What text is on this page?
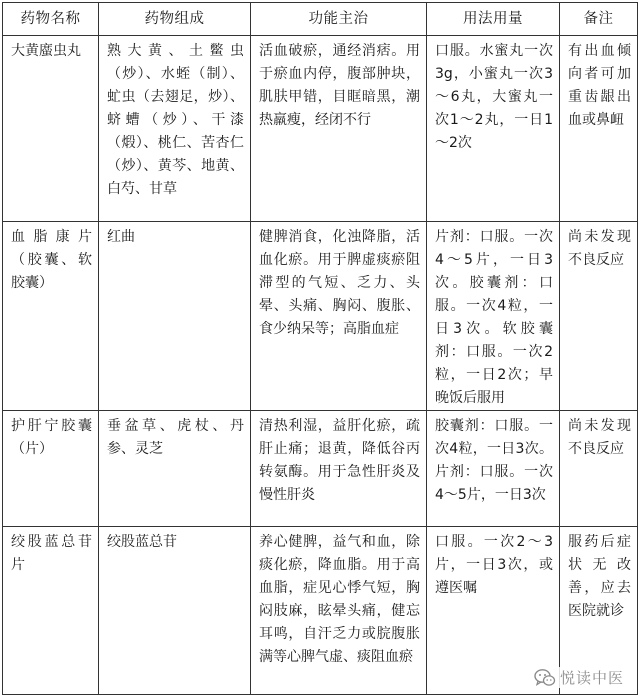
药物名称	药物组成	功能主治	用法用量	备注
大黄䗪虫丸	熟大黄、土鳖虫（炒）、水蛭（制）、虻虫（去翅足，炒）、蛴螬（炒）、干漆（煅）、桃仁、苦杏仁（炒）、黄芩、地黄、白芍、甘草	活血破瘀，通经消痞。用于瘀血内停，腹部肿块，肌肤甲错，目眶暗黑，潮热羸瘦，经闭不行	口服。水蜜丸一次3g，小蜜丸一次3～6丸，大蜜丸一次1～2丸，一日1～2次	有出血倾向者可加重齿龈出血或鼻衄
血脂康片（胶囊、软胶囊）	红曲	健脾消食，化浊降脂，活血化瘀。用于脾虚痰瘀阻滞型的气短、乏力、头晕、头痛、胸闷、腹胀、食少纳呆等；高脂血症	片剂：口服。一次4～5片，一日3次。胶囊剂：口服。一次4粒，一日3次。软胶囊剂：口服。一次2粒，一日2次；早晚饭后服用	尚未发现不良反应
护肝宁胶囊（片）	垂盆草、虎杖、丹参、灵芝	清热利湿，益肝化瘀，疏肝止痛；退黄，降低谷丙转氨酶。用于急性肝炎及慢性肝炎	胶囊剂：口服。一次4粒，一日3次。片剂：口服。一次4～5片，一日3次	尚未发现不良反应
绞股蓝总苷片	绞股蓝总苷	养心健脾，益气和血，除痰化瘀，降血脂。用于高血脂，症见心悸气短，胸闷肢麻，眩晕头痛，健忘耳鸣，自汗乏力或脘腹胀满等心脾气虚、痰阻血瘀	口服。一次2～3片，一日3次，或遵医嘱	服药后症状无改善，应去医院就诊
悦读中医
